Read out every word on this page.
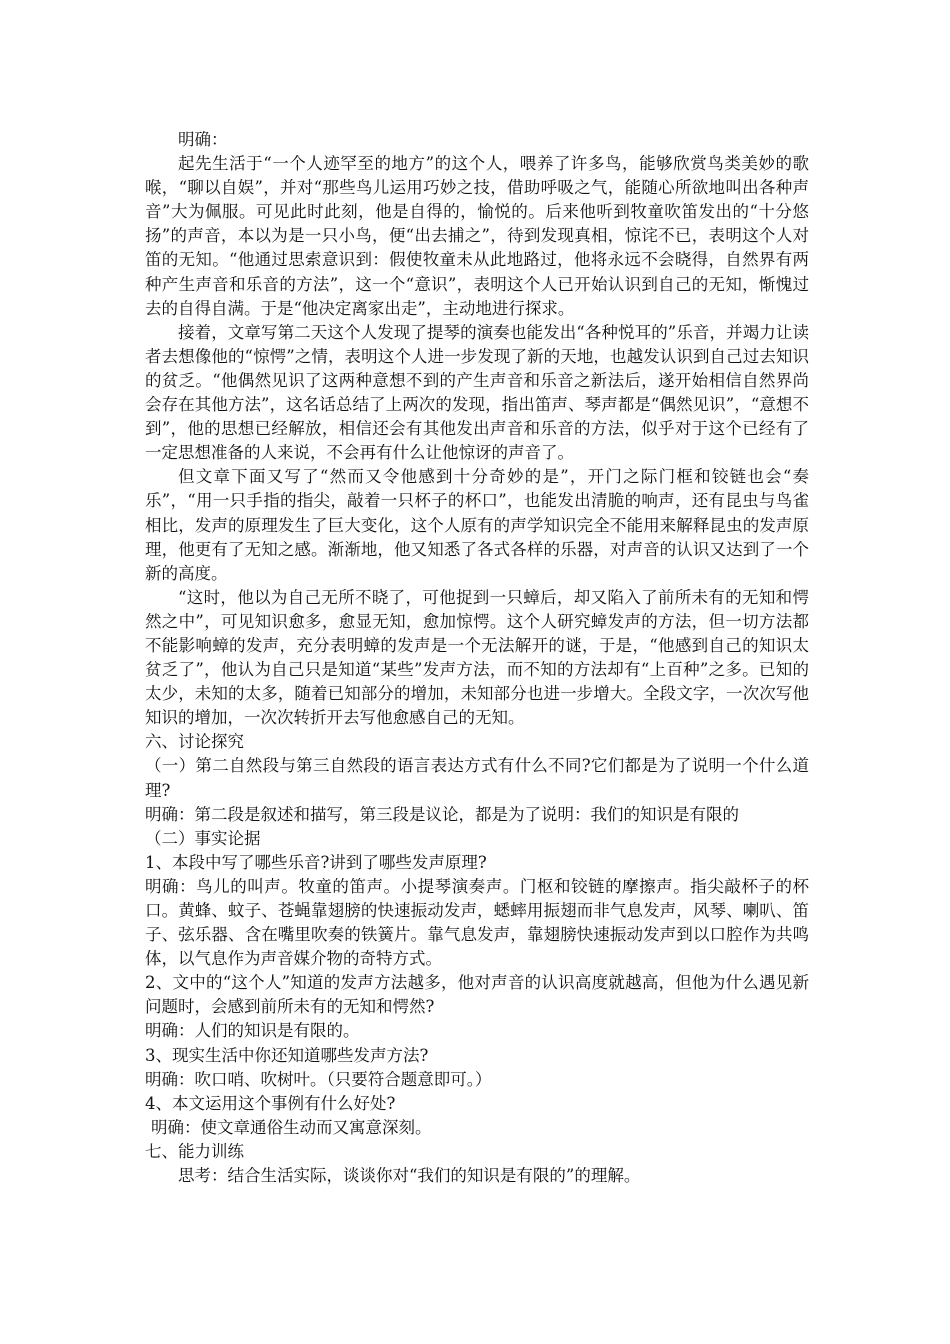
明确：

起先生活于“一个人迹罕至的地方”的这个人，喂养了许多鸟，能够欣赏鸟类美妙的歌喉，“聊以自娱”，并对“那些鸟儿运用巧妙之技，借助呼吸之气，能随心所欲地叫出各种声音”大为佩服。可见此时此刻，他是自得的，愉悦的。后来他听到牧童吹笛发出的“十分悠扬”的声音，本以为是一只小鸟，便“出去捕之”，待到发现真相，惊诧不已，表明这个人对笛的无知。“他通过思索意识到：假使牧童未从此地路过，他将永远不会晓得，自然界有两种产生声音和乐音的方法”，这一个“意识”，表明这个人已开始认识到自己的无知，惭愧过去的自得自满。于是“他决定离家出走”，主动地进行探求。

接着，文章写第二天这个人发现了提琴的演奏也能发出“各种悦耳的”乐音，并竭力让读者去想像他的“惊愕”之情，表明这个人进一步发现了新的天地，也越发认识到自己过去知识的贫乏。“他偶然见识了这两种意想不到的产生声音和乐音之新法后，遂开始相信自然界尚会存在其他方法”，这名话总结了上两次的发现，指出笛声、琴声都是“偶然见识”，“意想不到”，他的思想已经解放，相信还会有其他发出声音和乐音的方法，似乎对于这个已经有了一定思想准备的人来说，不会再有什么让他惊讶的声音了。

但文章下面又写了“然而又令他感到十分奇妙的是”，开门之际门框和铰链也会“奏乐”，“用一只手指的指尖，敲着一只杯子的杯口”，也能发出清脆的响声，还有昆虫与鸟雀相比，发声的原理发生了巨大变化，这个人原有的声学知识完全不能用来解释昆虫的发声原理，他更有了无知之感。渐渐地，他又知悉了各式各样的乐器，对声音的认识又达到了一个新的高度。

“这时，他以为自己无所不晓了，可他捉到一只蟑后，却又陷入了前所未有的无知和愕然之中”，可见知识愈多，愈显无知，愈加惊愕。这个人研究蟑发声的方法，但一切方法都不能影响蟑的发声，充分表明蟑的发声是一个无法解开的谜，于是，“他感到自己的知识太贫乏了”，他认为自己只是知道“某些”发声方法，而不知的方法却有“上百种”之多。已知的太少，未知的太多，随着已知部分的增加，未知部分也进一步增大。全段文字，一次次写他知识的增加，一次次转折开去写他愈感自己的无知。

六、讨论探究

（一）第二自然段与第三自然段的语言表达方式有什么不同?它们都是为了说明一个什么道理?

明确：第二段是叙述和描写，第三段是议论，都是为了说明：我们的知识是有限的

（二）事实论据

1、本段中写了哪些乐音?讲到了哪些发声原理?

明确：鸟儿的叫声。牧童的笛声。小提琴演奏声。门枢和铰链的摩擦声。指尖敲杯子的杯口。黄蜂、蚊子、苍蝇靠翅膀的快速振动发声，蟋蟀用振翅而非气息发声，风琴、喇叭、笛子、弦乐器、含在嘴里吹奏的铁簧片。靠气息发声，靠翅膀快速振动发声到以口腔作为共鸣体，以气息作为声音媒介物的奇特方式。

2、文中的“这个人”知道的发声方法越多，他对声音的认识高度就越高，但他为什么遇见新问题时，会感到前所未有的无知和愕然?

明确：人们的知识是有限的。

3、现实生活中你还知道哪些发声方法?

明确：吹口哨、吹树叶。（只要符合题意即可。）

4、本文运用这个事例有什么好处?

明确：使文章通俗生动而又寓意深刻。

七、能力训练

思考：结合生活实际，谈谈你对“我们的知识是有限的”的理解。
